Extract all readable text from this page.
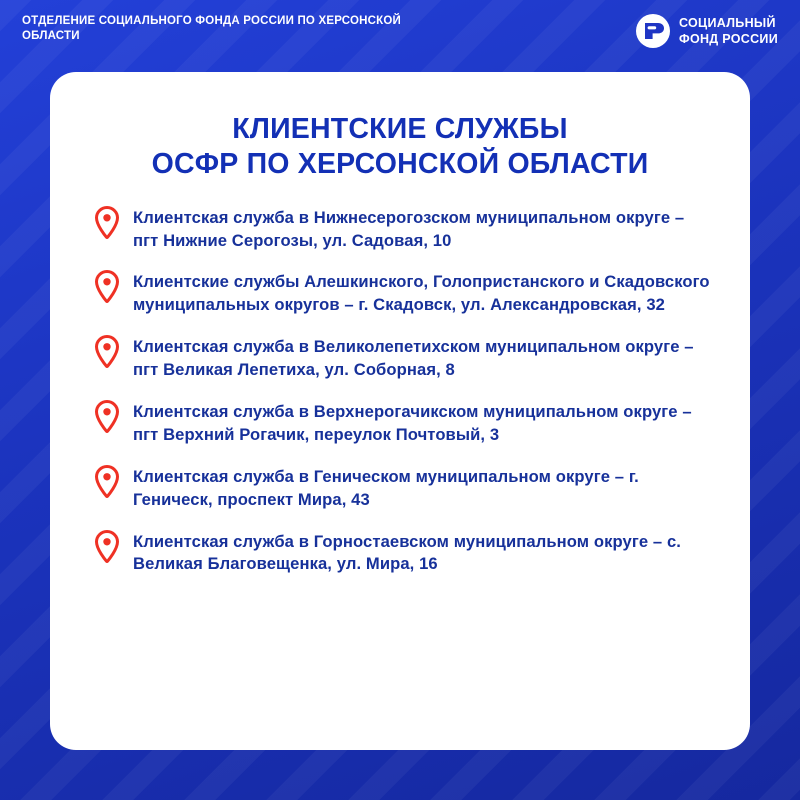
ОТДЕЛЕНИЕ СОЦИАЛЬНОГО ФОНДА РОССИИ ПО ХЕРСОНСКОЙ ОБЛАСТИ
СОЦИАЛЬНЫЙ
ФОНД РОССИИ
КЛИЕНТСКИЕ СЛУЖБЫ
ОСФР ПО ХЕРСОНСКОЙ ОБЛАСТИ
Клиентская служба в Нижнесерогозском муниципальном округе – пгт Нижние Серогозы, ул. Садовая, 10
Клиентские службы Алешкинского, Голопристанского и Скадовского муниципальных округов – г. Скадовск, ул. Александровская, 32
Клиентская служба в Великолепетихском муниципальном округе – пгт Великая Лепетиха, ул. Соборная, 8
Клиентская служба в Верхнерогачикском муниципальном округе – пгт Верхний Рогачик, переулок Почтовый, 3
Клиентская служба в Геническом муниципальном округе – г. Геническ, проспект Мира, 43
Клиентская служба в Горностаевском муниципальном округе – с. Великая Благовещенка, ул. Мира, 16
